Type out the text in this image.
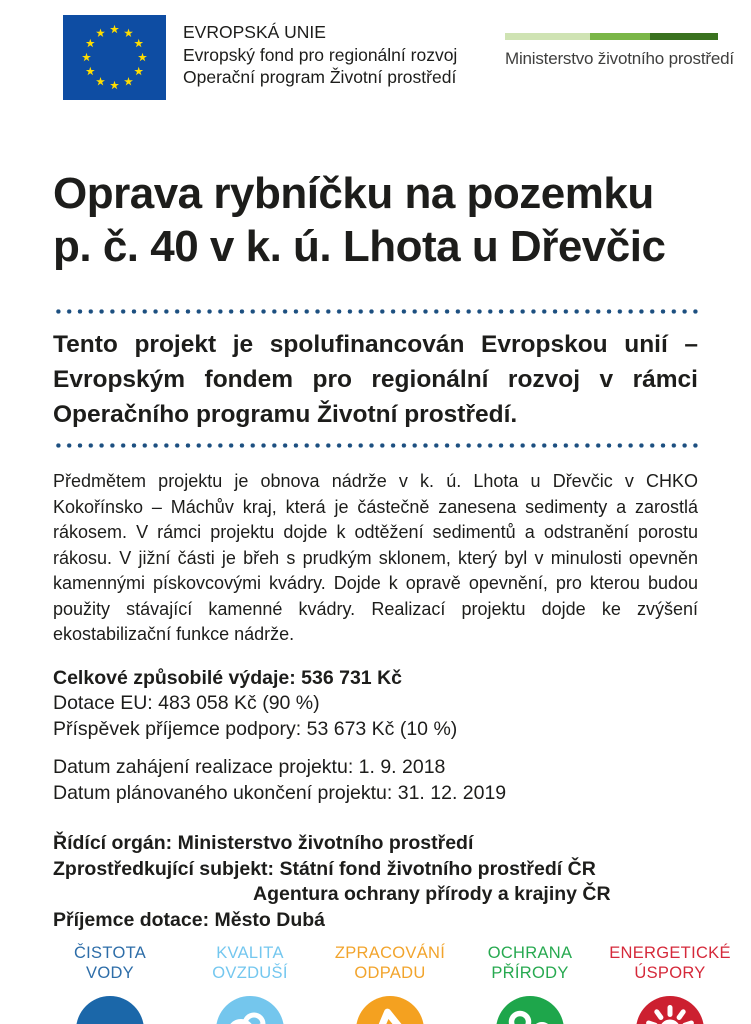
EVROPSKÁ UNIE
Evropský fond pro regionální rozvoj
Operační program Životní prostředí
Ministerstvo životního prostředí
Oprava rybníčku na pozemku
p. č. 40 v k. ú. Lhota u Dřevčic
Tento projekt je spolufinancován Evropskou unií – Evropským fondem pro regionální rozvoj v rámci Operačního programu Životní prostředí.
Předmětem projektu je obnova nádrže v k. ú. Lhota u Dřevčic v CHKO Kokořínsko – Máchův kraj, která je částečně zanesena sedimenty a zarostlá rákosem. V rámci projektu dojde k odtěžení sedimentů a odstranění porostu rákosu. V jižní části je břeh s prudkým sklonem, který byl v minulosti opevněn kamennými pískovcovými kvádry. Dojde k opravě opevnění, pro kterou budou použity stávající kamenné kvádry. Realizací projektu dojde ke zvýšení ekostabilizační funkce nádrže.
Celkové způsobilé výdaje: 536 731 Kč
Dotace EU: 483 058 Kč (90 %)
Příspěvek příjemce podpory: 53 673 Kč (10 %)
Datum zahájení realizace projektu: 1. 9. 2018
Datum plánovaného ukončení projektu: 31. 12. 2019
Řídící orgán: Ministerstvo životního prostředí
Zprostředkující subjekt: Státní fond životního prostředí ČR
Agentura ochrany přírody a krajiny ČR
Příjemce dotace: Město Dubá
ČISTOTA
VODY
KVALITA
OVZDUŠÍ
ZPRACOVÁNÍ
ODPADU
OCHRANA
PŘÍRODY
ENERGETICKÉ
ÚSPORY
